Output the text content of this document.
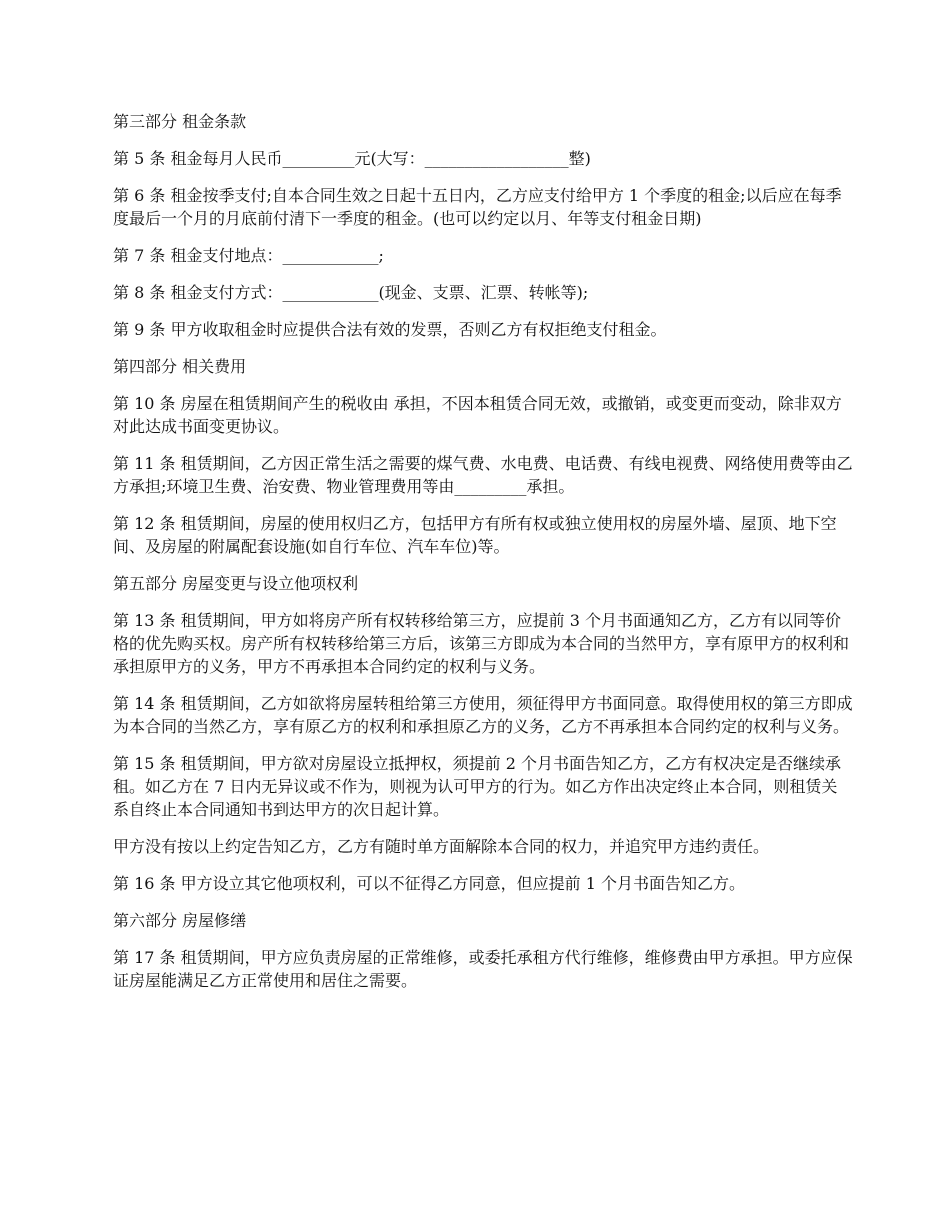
第三部分 租金条款

第 5 条 租金每月人民币_________元(大写：__________________整)

第 6 条 租金按季支付;自本合同生效之日起十五日内，乙方应支付给甲方 1 个季度的租金;以后应在每季度最后一个月的月底前付清下一季度的租金。(也可以约定以月、年等支付租金日期)

第 7 条 租金支付地点：____________;

第 8 条 租金支付方式：____________(现金、支票、汇票、转帐等);

第 9 条 甲方收取租金时应提供合法有效的发票，否则乙方有权拒绝支付租金。

第四部分 相关费用

第 10 条 房屋在租赁期间产生的税收由 承担，不因本租赁合同无效，或撤销，或变更而变动，除非双方对此达成书面变更协议。

第 11 条 租赁期间，乙方因正常生活之需要的煤气费、水电费、电话费、有线电视费、网络使用费等由乙方承担;环境卫生费、治安费、物业管理费用等由_________承担。

第 12 条 租赁期间，房屋的使用权归乙方，包括甲方有所有权或独立使用权的房屋外墙、屋顶、地下空间、及房屋的附属配套设施(如自行车位、汽车车位)等。

第五部分 房屋变更与设立他项权利

第 13 条 租赁期间，甲方如将房产所有权转移给第三方，应提前 3 个月书面通知乙方，乙方有以同等价格的优先购买权。房产所有权转移给第三方后，该第三方即成为本合同的当然甲方，享有原甲方的权利和承担原甲方的义务，甲方不再承担本合同约定的权利与义务。

第 14 条 租赁期间，乙方如欲将房屋转租给第三方使用，须征得甲方书面同意。取得使用权的第三方即成为本合同的当然乙方，享有原乙方的权利和承担原乙方的义务，乙方不再承担本合同约定的权利与义务。

第 15 条 租赁期间，甲方欲对房屋设立抵押权，须提前 2 个月书面告知乙方，乙方有权决定是否继续承租。如乙方在 7 日内无异议或不作为，则视为认可甲方的行为。如乙方作出决定终止本合同，则租赁关系自终止本合同通知书到达甲方的次日起计算。

甲方没有按以上约定告知乙方，乙方有随时单方面解除本合同的权力，并追究甲方违约责任。

第 16 条 甲方设立其它他项权利，可以不征得乙方同意，但应提前 1 个月书面告知乙方。

第六部分 房屋修缮

第 17 条 租赁期间，甲方应负责房屋的正常维修，或委托承租方代行维修，维修费由甲方承担。甲方应保证房屋能满足乙方正常使用和居住之需要。
